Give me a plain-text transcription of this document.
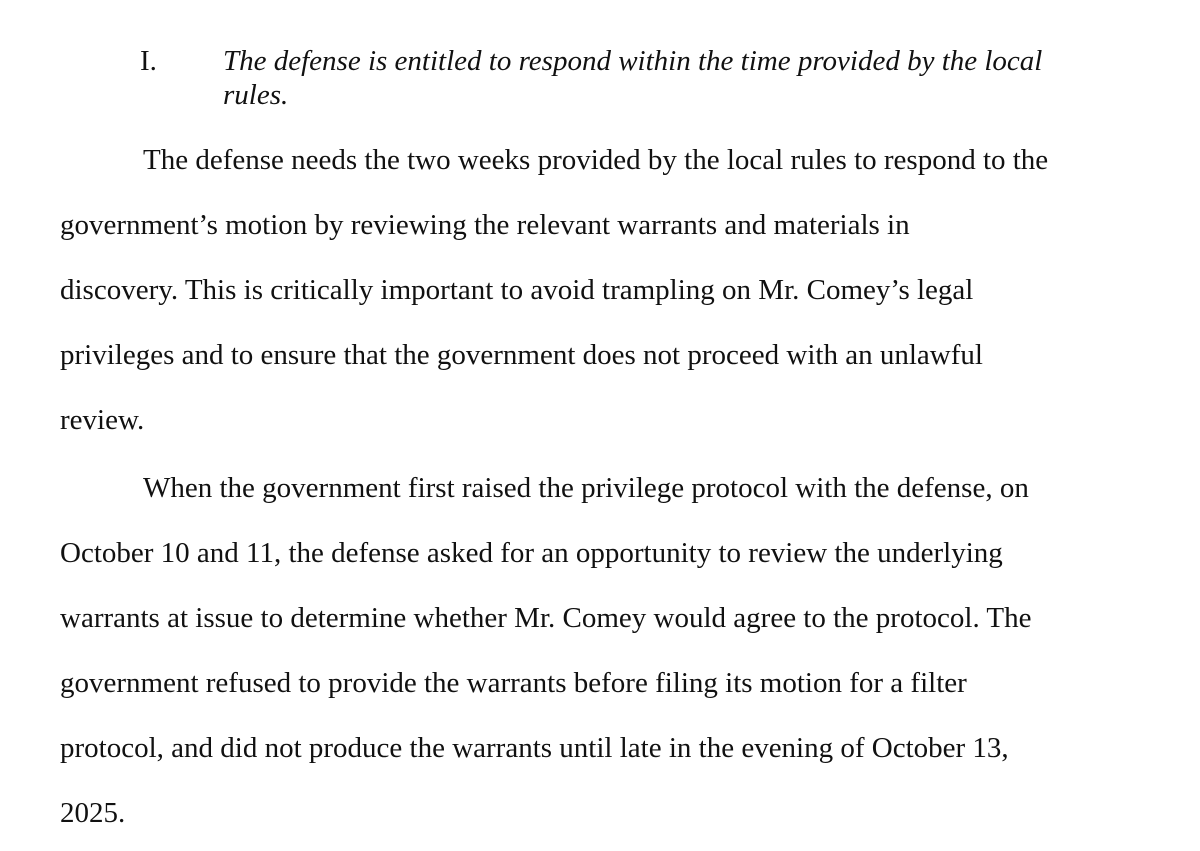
I. The defense is entitled to respond within the time provided by the local
rules.
The defense needs the two weeks provided by the local rules to respond to the
government’s motion by reviewing the relevant warrants and materials in
discovery. This is critically important to avoid trampling on Mr. Comey’s legal
privileges and to ensure that the government does not proceed with an unlawful
review.
When the government first raised the privilege protocol with the defense, on
October 10 and 11, the defense asked for an opportunity to review the underlying
warrants at issue to determine whether Mr. Comey would agree to the protocol. The
government refused to provide the warrants before filing its motion for a filter
protocol, and did not produce the warrants until late in the evening of October 13,
2025.
